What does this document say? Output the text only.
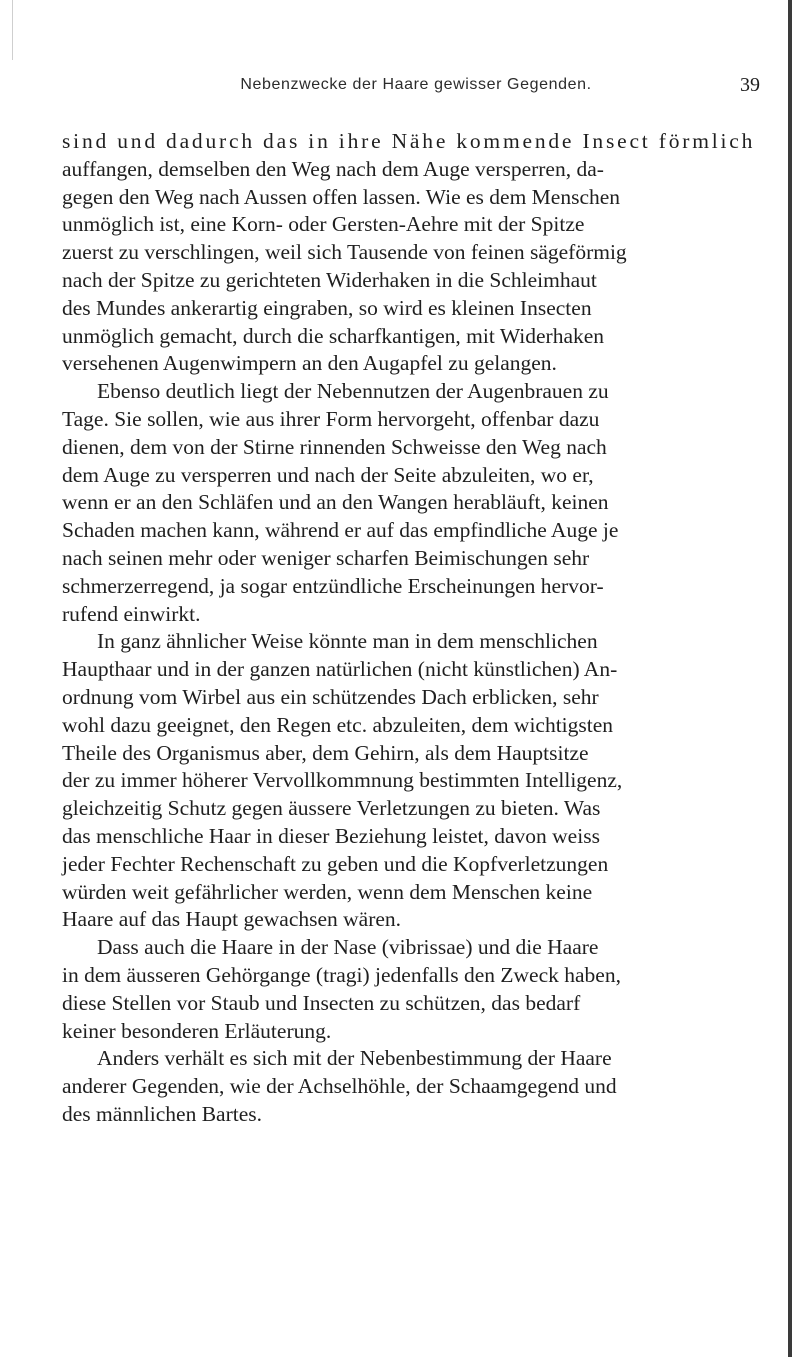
Nebenzwecke der Haare gewisser Gegenden.	39

sind und dadurch das in ihre Nähe kommende Insect förmlich
auffangen, demselben den Weg nach dem Auge versperren, da-
gegen den Weg nach Aussen offen lassen. Wie es dem Menschen
unmöglich ist, eine Korn- oder Gersten-Aehre mit der Spitze
zuerst zu verschlingen, weil sich Tausende von feinen sägeförmig
nach der Spitze zu gerichteten Widerhaken in die Schleimhaut
des Mundes ankerartig eingraben, so wird es kleinen Insecten
unmöglich gemacht, durch die scharfkantigen, mit Widerhaken
versehenen Augenwimpern an den Augapfel zu gelangen.

Ebenso deutlich liegt der Nebennutzen der Augenbrauen zu
Tage. Sie sollen, wie aus ihrer Form hervorgeht, offenbar dazu
dienen, dem von der Stirne rinnenden Schweisse den Weg nach
dem Auge zu versperren und nach der Seite abzuleiten, wo er,
wenn er an den Schläfen und an den Wangen herabläuft, keinen
Schaden machen kann, während er auf das empfindliche Auge je
nach seinen mehr oder weniger scharfen Beimischungen sehr
schmerzerregend, ja sogar entzündliche Erscheinungen hervor-
rufend einwirkt.

In ganz ähnlicher Weise könnte man in dem menschlichen
Haupthaar und in der ganzen natürlichen (nicht künstlichen) An-
ordnung vom Wirbel aus ein schützendes Dach erblicken, sehr
wohl dazu geeignet, den Regen etc. abzuleiten, dem wichtigsten
Theile des Organismus aber, dem Gehirn, als dem Hauptsitze
der zu immer höherer Vervollkommnung bestimmten Intelligenz,
gleichzeitig Schutz gegen äussere Verletzungen zu bieten. Was
das menschliche Haar in dieser Beziehung leistet, davon weiss
jeder Fechter Rechenschaft zu geben und die Kopfverletzungen
würden weit gefährlicher werden, wenn dem Menschen keine
Haare auf das Haupt gewachsen wären.

Dass auch die Haare in der Nase (vibrissae) und die Haare
in dem äusseren Gehörgange (tragi) jedenfalls den Zweck haben,
diese Stellen vor Staub und Insecten zu schützen, das bedarf
keiner besonderen Erläuterung.

Anders verhält es sich mit der Nebenbestimmung der Haare
anderer Gegenden, wie der Achselhöhle, der Schaamgegend und
des männlichen Bartes.
